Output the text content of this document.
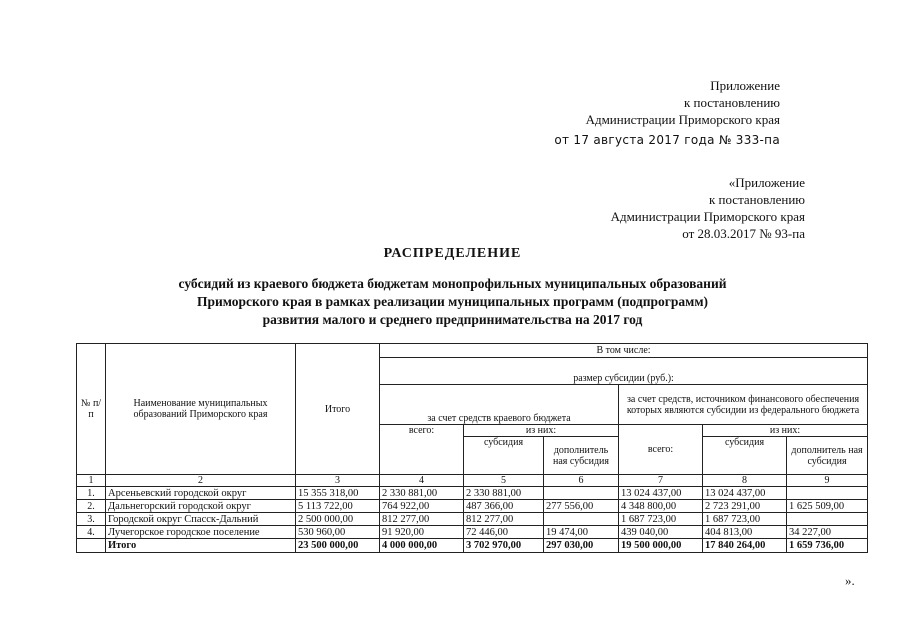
Приложение
к постановлению
Администрации Приморского края
от 17 августа 2017 года № 333-па
«Приложение
к постановлению
Администрации Приморского края
от 28.03.2017 № 93-па
РАСПРЕДЕЛЕНИЕ
субсидий из краевого бюджета бюджетам монопрофильных муниципальных образований
Приморского края в рамках реализации муниципальных программ (подпрограмм)
развития малого и среднего предпринимательства на 2017 год
№ п/п	Наименование муниципальных образований Приморского края	Итого	В том числе:					
			размер субсидии (руб.):					
			за счет средств краевого бюджета			за счет средств, источником финансового обеспечения которых являются субсидии из федерального бюджета		
			всего:	из них:		всего:	из них:	
				субсидия	дополнитель ная субсидия		субсидия	дополнитель ная субсидия
1	2	3	4	5	6	7	8	9
1.	Арсеньевский городской округ	15 355 318,00	2 330 881,00	2 330 881,00		13 024 437,00	13 024 437,00	
2.	Дальнегорский городской округ	5 113 722,00	764 922,00	487 366,00	277 556,00	4 348 800,00	2 723 291,00	1 625 509,00
3.	Городской округ Спасск-Дальний	2 500 000,00	812 277,00	812 277,00		1 687 723,00	1 687 723,00	
4.	Лучегорское городское поселение	530 960,00	91 920,00	72 446,00	19 474,00	439 040,00	404 813,00	34 227,00
	Итого	23 500 000,00	4 000 000,00	3 702 970,00	297 030,00	19 500 000,00	17 840 264,00	1 659 736,00
».
